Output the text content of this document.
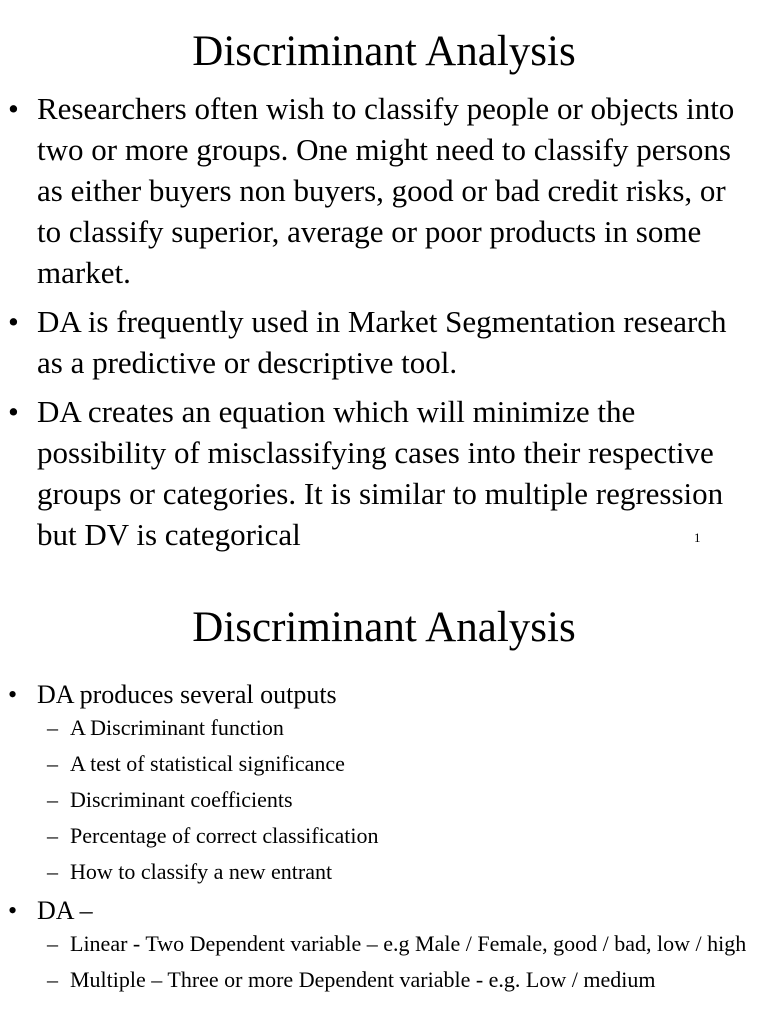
Discriminant Analysis
• Researchers often wish to classify people or objects into two or more groups. One might need to classify persons as either buyers non buyers, good or bad credit risks, or to classify superior, average or poor products in some market.
• DA is frequently used in Market Segmentation research as a predictive or descriptive tool.
• DA creates an equation which will minimize the possibility of misclassifying cases into their respective groups or categories. It is similar to multiple regression but DV is categorical	1
Discriminant Analysis
• DA produces several outputs
– A Discriminant function
– A test of statistical significance
– Discriminant coefficients
– Percentage of correct classification
– How to classify a new entrant
• DA –
– Linear - Two Dependent variable – e.g Male / Female, good / bad, low / high
– Multiple – Three or more Dependent variable - e.g. Low / medium
